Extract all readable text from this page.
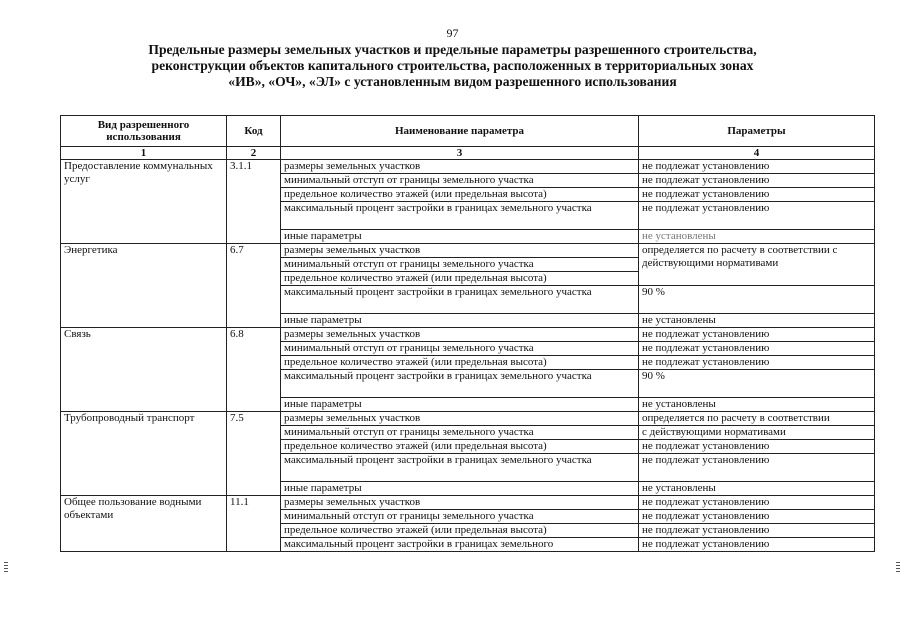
97
Предельные размеры земельных участков и предельные параметры разрешенного строительства,
реконструкции объектов капитального строительства, расположенных в территориальных зонах
«ИВ», «ОЧ», «ЭЛ» с установленным видом разрешенного использования
Вид разрешенного использования	Код	Наименование параметра	Параметры
1	2	3	4
Предоставление коммунальных услуг	3.1.1	размеры земельных участков	не подлежат установлению
		минимальный отступ от границы земельного участка	не подлежат установлению
		предельное количество этажей (или предельная высота)	не подлежат установлению
		максимальный процент застройки в границах земельного участка	не подлежат установлению
		иные параметры	не установлены
Энергетика	6.7	размеры земельных участков	определяется по расчету в соответствии с действующими нормативами
		минимальный отступ от границы земельного участка	
		предельное количество этажей (или предельная высота)	
		максимальный процент застройки в границах земельного участка	90 %
		иные параметры	не установлены
Связь	6.8	размеры земельных участков	не подлежат установлению
		минимальный отступ от границы земельного участка	не подлежат установлению
		предельное количество этажей (или предельная высота)	не подлежат установлению
		максимальный процент застройки в границах земельного участка	90 %
		иные параметры	не установлены
Трубопроводный транспорт	7.5	размеры земельных участков	определяется по расчету в соответствии
		минимальный отступ от границы земельного участка	с действующими нормативами
		предельное количество этажей (или предельная высота)	не подлежат установлению
		максимальный процент застройки в границах земельного участка	не подлежат установлению
		иные параметры	не установлены
Общее пользование водными объектами	11.1	размеры земельных участков	не подлежат установлению
		минимальный отступ от границы земельного участка	не подлежат установлению
		предельное количество этажей (или предельная высота)	не подлежат установлению
		максимальный процент застройки в границах земельного	не подлежат установлению
